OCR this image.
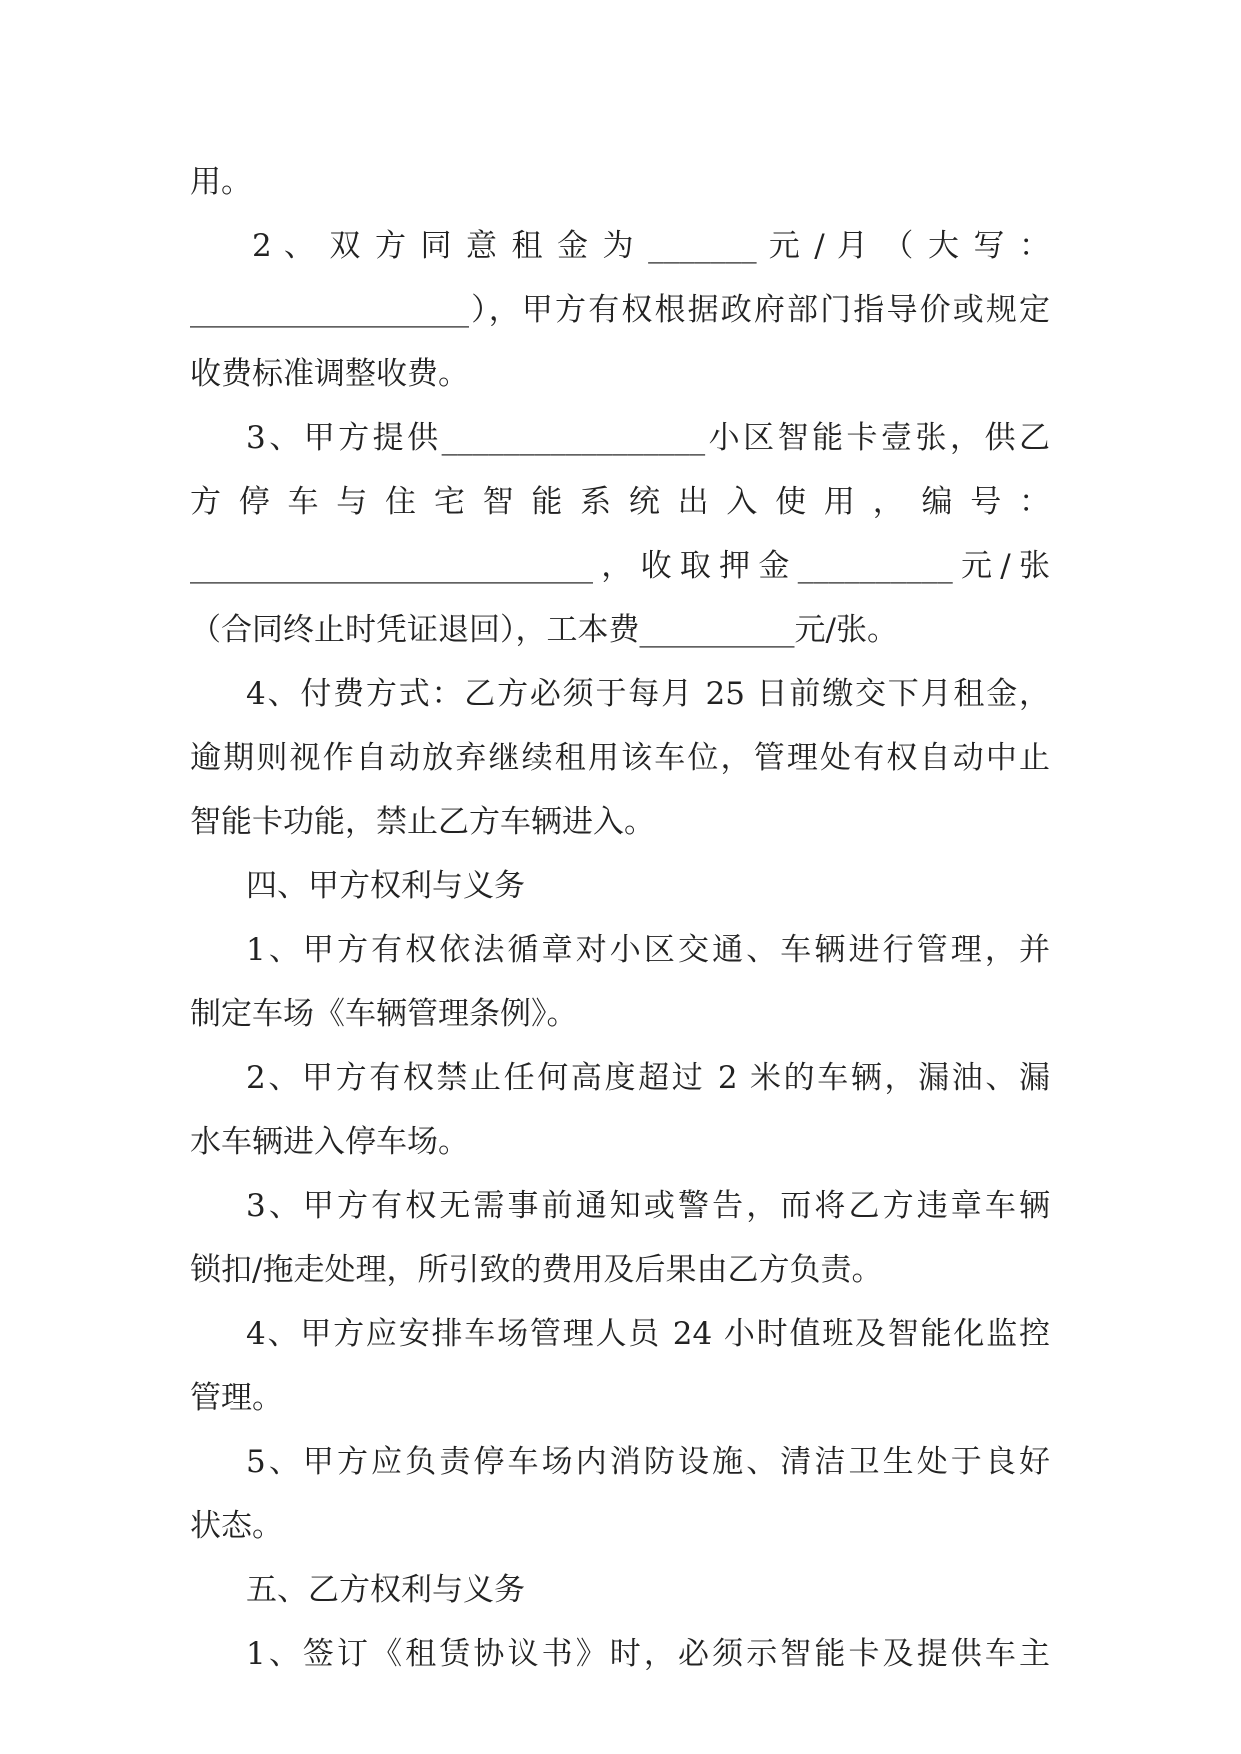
用。
2 、 双 方 同 意 租 金 为 _______ 元 / 月 （ 大 写 ：
__________________），甲方有权根据政府部门指导价或规定
收费标准调整收费。
3、甲方提供_________________小区智能卡壹张，供乙
方 停 车 与 住 宅 智 能 系 统 出 入 使 用 ， 编 号 ：
__________________________，收取押金__________元/张
（合同终止时凭证退回），工本费__________元/张。
4、付费方式：乙方必须于每月 25 日前缴交下月租金，
逾期则视作自动放弃继续租用该车位，管理处有权自动中止
智能卡功能，禁止乙方车辆进入。
四、甲方权利与义务
1、甲方有权依法循章对小区交通、车辆进行管理，并
制定车场《车辆管理条例》。
2、甲方有权禁止任何高度超过 2 米的车辆，漏油、漏
水车辆进入停车场。
3、甲方有权无需事前通知或警告，而将乙方违章车辆
锁扣/拖走处理，所引致的费用及后果由乙方负责。
4、甲方应安排车场管理人员 24 小时值班及智能化监控
管理。
5、甲方应负责停车场内消防设施、清洁卫生处于良好
状态。
五、乙方权利与义务
1、签订《租赁协议书》时，必须示智能卡及提供车主
